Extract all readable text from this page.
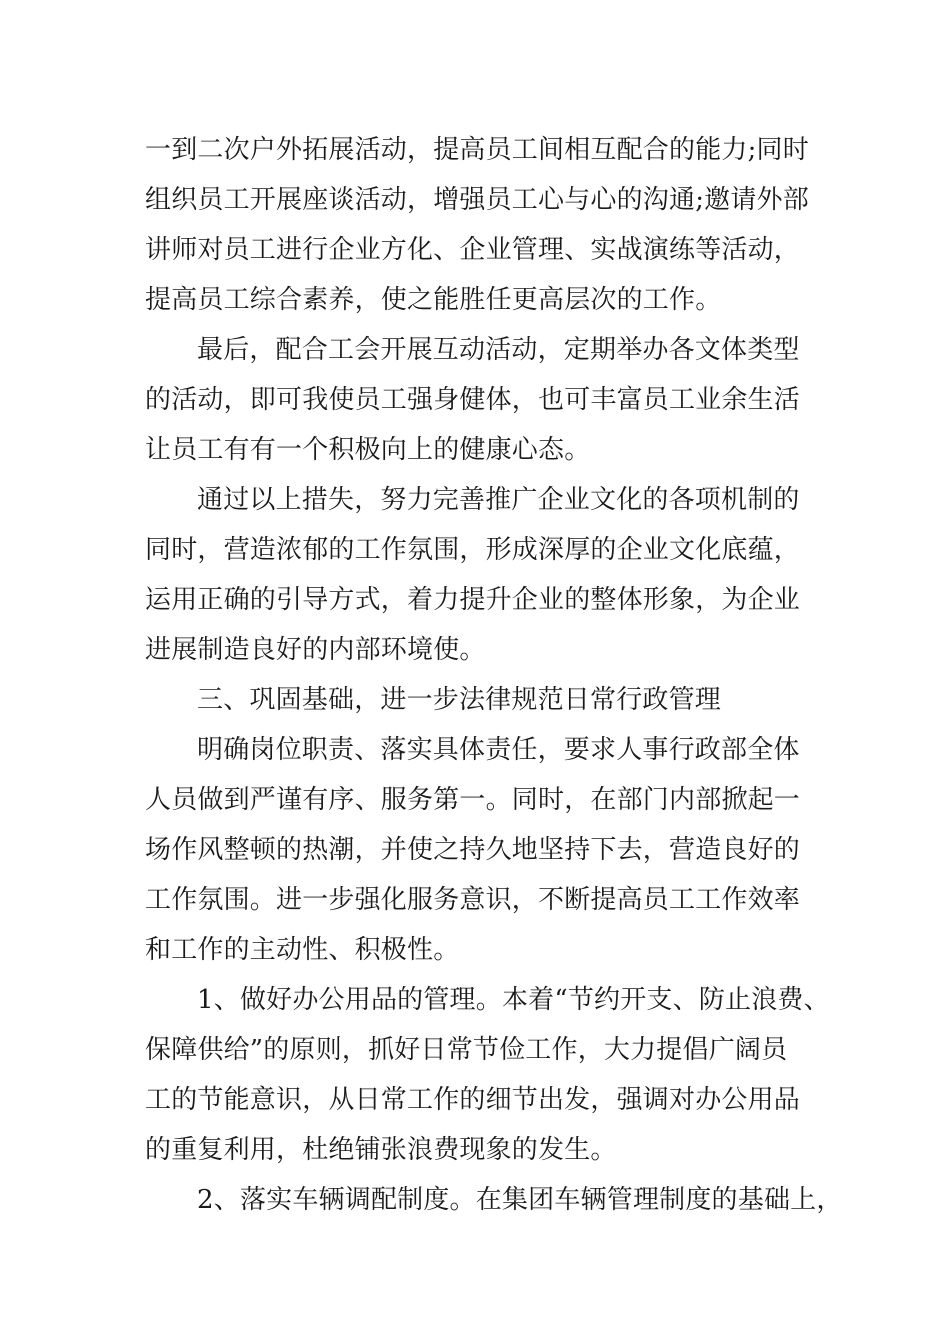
一到二次户外拓展活动，提高员工间相互配合的能力;同时
组织员工开展座谈活动，增强员工心与心的沟通;邀请外部
讲师对员工进行企业方化、企业管理、实战演练等活动，
提高员工综合素养，使之能胜任更高层次的工作。
最后，配合工会开展互动活动，定期举办各文体类型
的活动，即可我使员工强身健体，也可丰富员工业余生活
让员工有有一个积极向上的健康心态。
通过以上措失，努力完善推广企业文化的各项机制的
同时，营造浓郁的工作氛围，形成深厚的企业文化底蕴，
运用正确的引导方式，着力提升企业的整体形象，为企业
进展制造良好的内部环境使。
三、巩固基础，进一步法律规范日常行政管理
明确岗位职责、落实具体责任，要求人事行政部全体
人员做到严谨有序、服务第一。同时，在部门内部掀起一
场作风整顿的热潮，并使之持久地坚持下去，营造良好的
工作氛围。进一步强化服务意识，不断提高员工工作效率
和工作的主动性、积极性。
1、做好办公用品的管理。本着“节约开支、防止浪费、
保障供给”的原则，抓好日常节俭工作，大力提倡广阔员
工的节能意识，从日常工作的细节出发，强调对办公用品
的重复利用，杜绝铺张浪费现象的发生。
2、落实车辆调配制度。在集团车辆管理制度的基础上，
